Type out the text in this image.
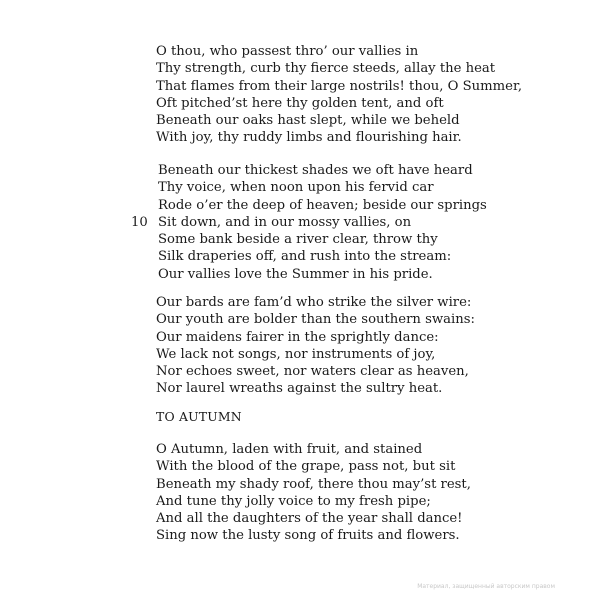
O thou, who passest thro’ our vallies in
Thy strength, curb thy fierce steeds, allay the heat
That flames from their large nostrils! thou, O Summer,
Oft pitched’st here thy golden tent, and oft
Beneath our oaks hast slept, while we beheld
With joy, thy ruddy limbs and flourishing hair.
Beneath our thickest shades we oft have heard
Thy voice, when noon upon his fervid car
Rode o’er the deep of heaven; beside our springs
Sit down, and in our mossy vallies, on
Some bank beside a river clear, throw thy
Silk draperies off, and rush into the stream:
Our vallies love the Summer in his pride.
10
Our bards are fam’d who strike the silver wire:
Our youth are bolder than the southern swains:
Our maidens fairer in the sprightly dance:
We lack not songs, nor instruments of joy,
Nor echoes sweet, nor waters clear as heaven,
Nor laurel wreaths against the sultry heat.
TO AUTUMN
O Autumn, laden with fruit, and stained
With the blood of the grape, pass not, but sit
Beneath my shady roof, there thou may’st rest,
And tune thy jolly voice to my fresh pipe;
And all the daughters of the year shall dance!
Sing now the lusty song of fruits and flowers.
Материал, защищенный авторским правом
